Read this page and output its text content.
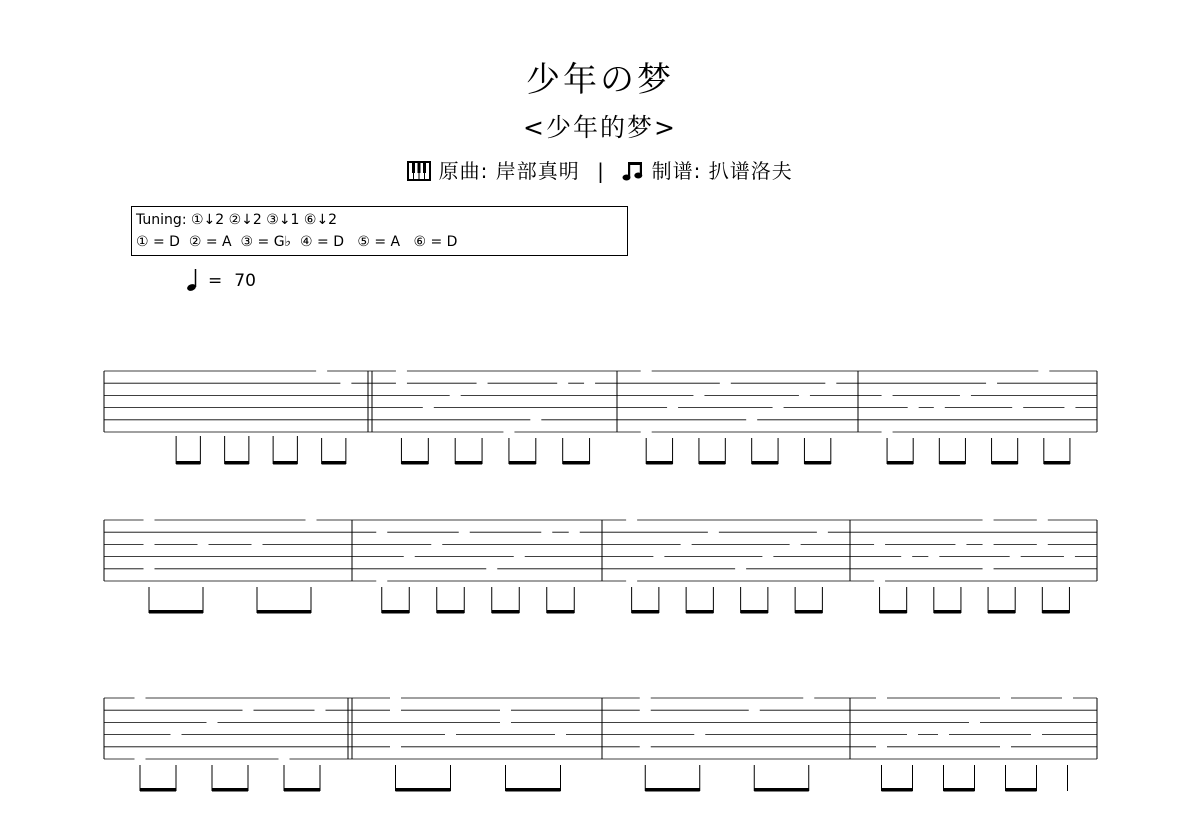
少年の梦
<少年的梦>
原曲: 岸部真明 | 制谱: 扒谱洛夫
Tuning: ①↓2 ②↓2 ③↓1 ⑥↓2
① = D  ② = A  ③ = G♭  ④ = D   ⑤ = A   ⑥ = D
= 70
